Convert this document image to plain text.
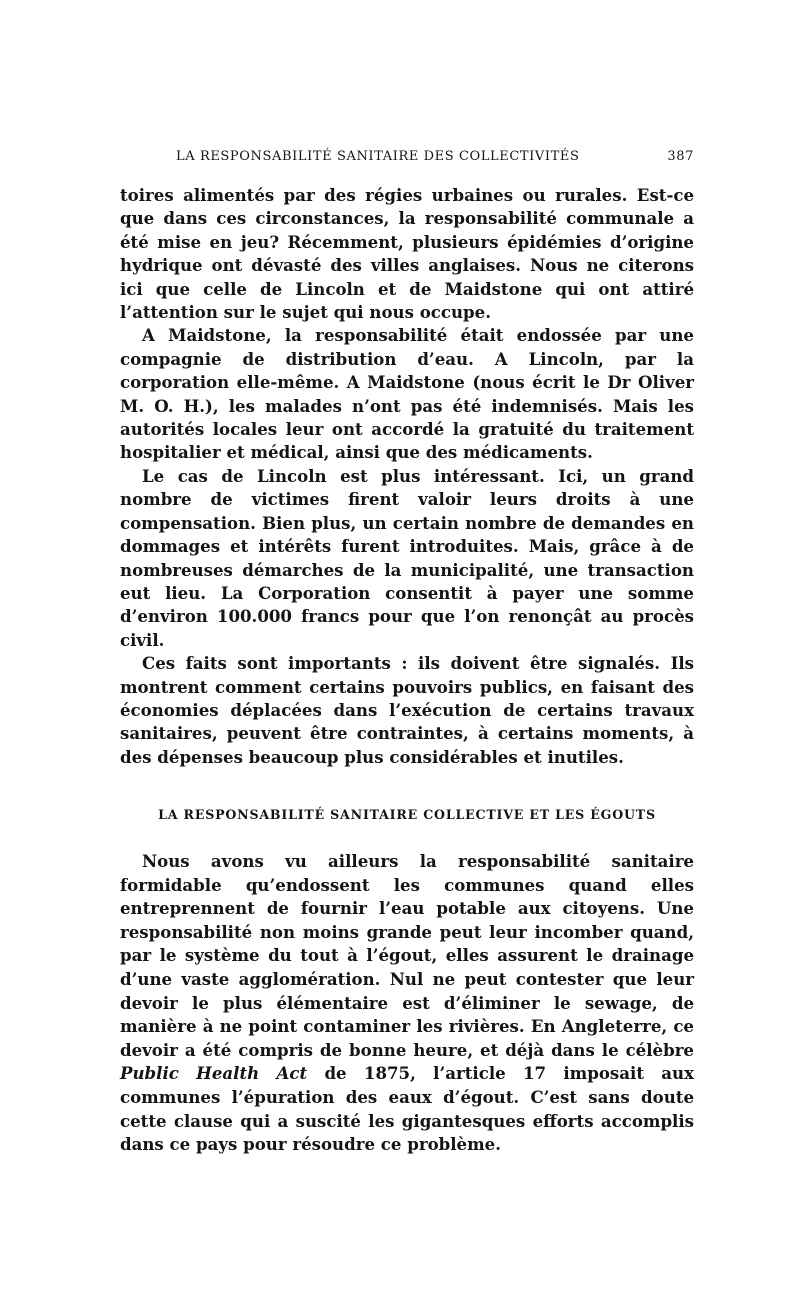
LA RESPONSABILITÉ SANITAIRE DES COLLECTIVITÉS	387

toires alimentés par des régies urbaines ou rurales. Est-ce que dans ces circonstances, la responsabilité communale a été mise en jeu? Récemment, plusieurs épidémies d’origine hydrique ont dévasté des villes anglaises. Nous ne citerons ici que celle de Lincoln et de Maidstone qui ont attiré l’attention sur le sujet qui nous occupe.

A Maidstone, la responsabilité était endossée par une compagnie de distribution d’eau. A Lincoln, par la corporation elle-même. A Maidstone (nous écrit le Dr Oliver M. O. H.), les malades n’ont pas été indemnisés. Mais les autorités locales leur ont accordé la gratuité du traitement hospitalier et médical, ainsi que des médicaments.

Le cas de Lincoln est plus intéressant. Ici, un grand nombre de victimes firent valoir leurs droits à une compensation. Bien plus, un certain nombre de demandes en dommages et intérêts furent introduites. Mais, grâce à de nombreuses démarches de la municipalité, une transaction eut lieu. La Corporation consentit à payer une somme d’environ 100.000 francs pour que l’on renonçât au procès civil.

Ces faits sont importants : ils doivent être signalés. Ils montrent comment certains pouvoirs publics, en faisant des économies déplacées dans l’exécution de certains travaux sanitaires, peuvent être contraintes, à certains moments, à des dépenses beaucoup plus considérables et inutiles.

LA RESPONSABILITÉ SANITAIRE COLLECTIVE ET LES ÉGOUTS

Nous avons vu ailleurs la responsabilité sanitaire formidable qu’endossent les communes quand elles entreprennent de fournir l’eau potable aux citoyens. Une responsabilité non moins grande peut leur incomber quand, par le système du tout à l’égout, elles assurent le drainage d’une vaste agglomération. Nul ne peut contester que leur devoir le plus élémentaire est d’éliminer le sewage, de manière à ne point contaminer les rivières. En Angleterre, ce devoir a été compris de bonne heure, et déjà dans le célèbre Public Health Act de 1875, l’article 17 imposait aux communes l’épuration des eaux d’égout. C’est sans doute cette clause qui a suscité les gigantesques efforts accomplis dans ce pays pour résoudre ce problème.
